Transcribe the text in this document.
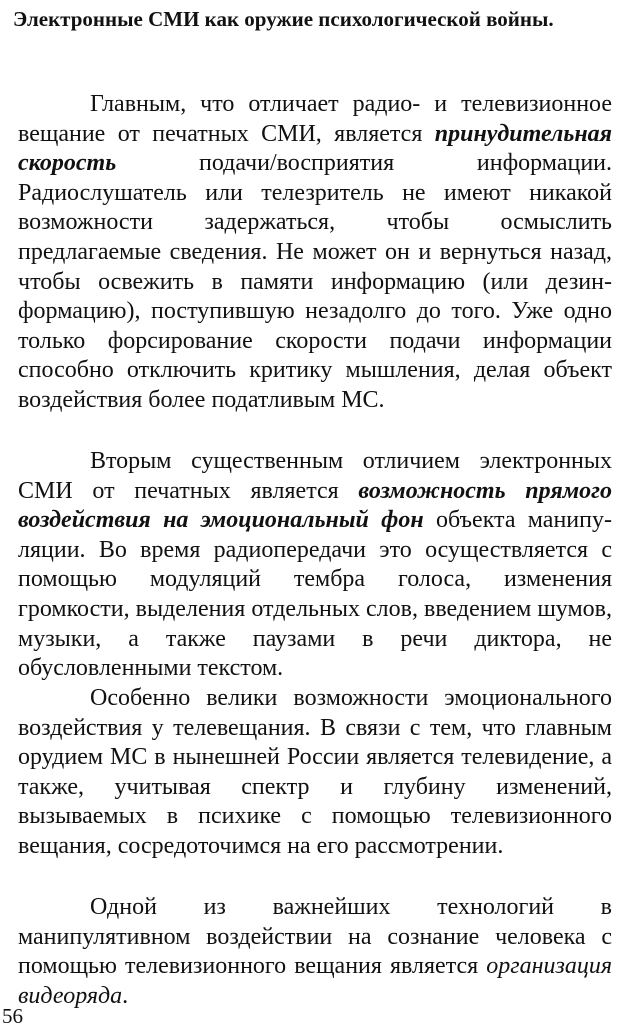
Электронные СМИ как оружие психологической войны.

Главным, что отличает радио- и телевизионное вещание от печатных СМИ, является принудительная скорость подачи/восприятия информации. Радиослушатель или телезритель не имеют никакой возможности задержаться, чтобы осмыслить предлагаемые сведения. Не может он и вернуться назад, чтобы освежить в памяти информацию (или дезинформацию), поступившую незадолго до того. Уже одно только форсирование скорости подачи информации способно отключить критику мышления, делая объект воздействия более податливым МС.

Вторым существенным отличием электронных СМИ от печатных является возможность прямого воздействия на эмоциональный фон объекта манипуляции. Во время радиопередачи это осуществляется с помощью модуляций тембра голоса, изменения громкости, выделения отдельных слов, введением шумов, музыки, а также паузами в речи диктора, не обусловленными текстом.

Особенно велики возможности эмоционального воздействия у телевещания. В связи с тем, что главным орудием МС в нынешней России является телевидение, а также, учитывая спектр и глубину изменений, вызываемых в психике с помощью телевизионного вещания, сосредоточимся на его рассмотрении.

Одной из важнейших технологий в манипулятивном воздействии на сознание человека с помощью телевизионного вещания является организация видеоряда.

56
